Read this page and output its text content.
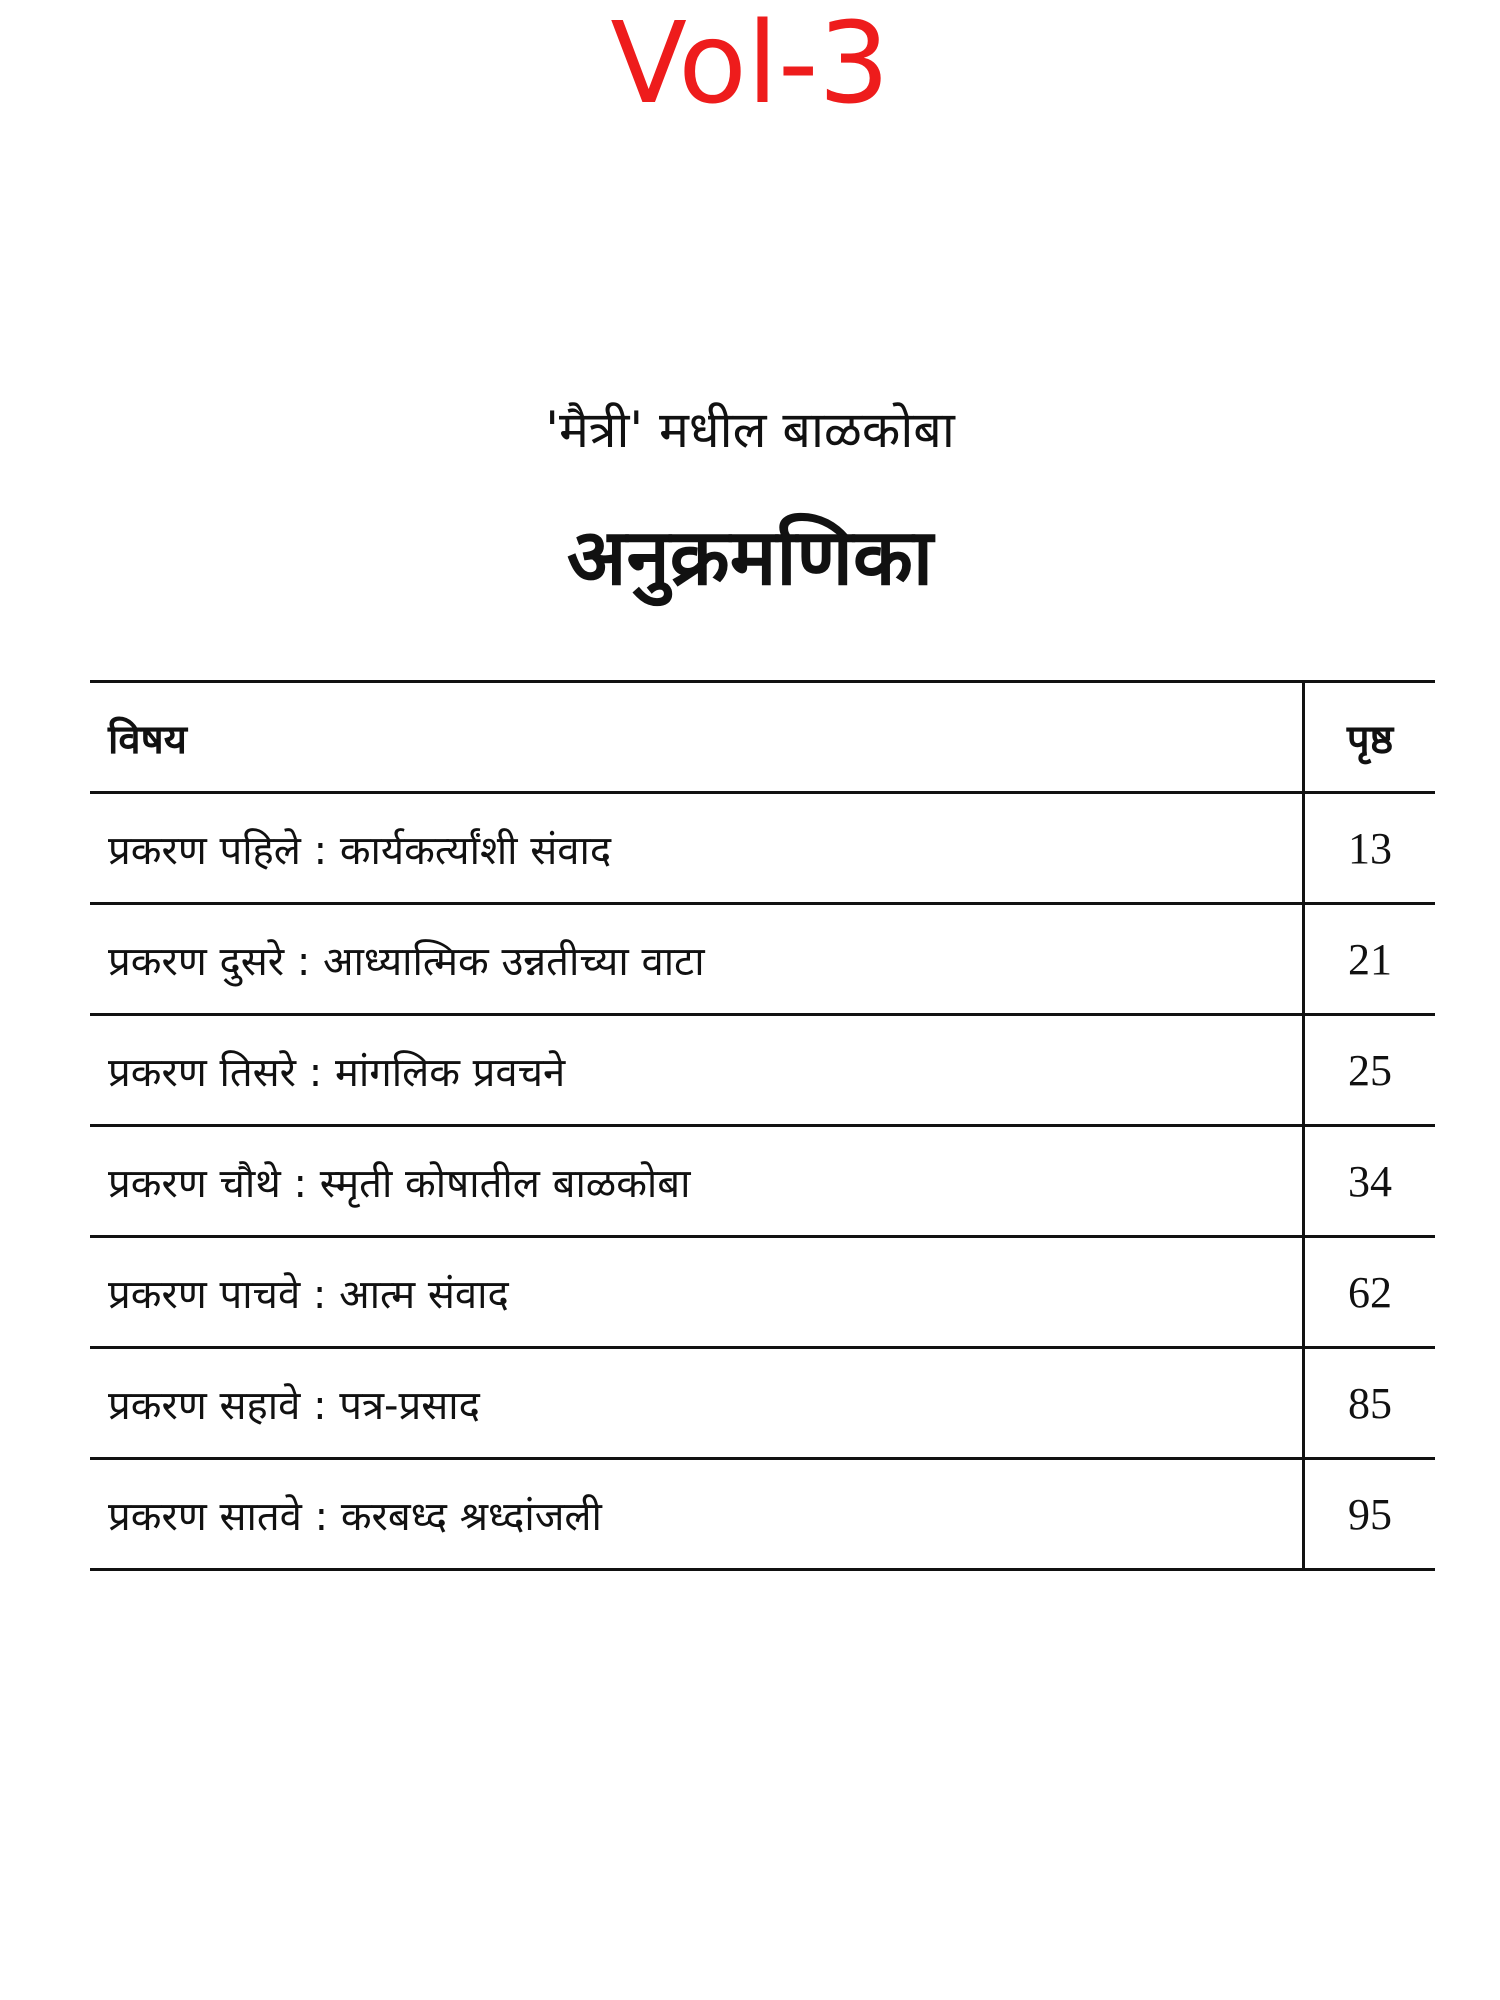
Vol-3
'मैत्री' मधील बाळकोबा
अनुक्रमणिका
विषय	पृष्ठ
प्रकरण पहिले : कार्यकर्त्यांशी संवाद	13
प्रकरण दुसरे : आध्यात्मिक उन्नतीच्या वाटा	21
प्रकरण तिसरे : मांगलिक प्रवचने	25
प्रकरण चौथे : स्मृती कोषातील बाळकोबा	34
प्रकरण पाचवे : आत्म संवाद	62
प्रकरण सहावे : पत्र-प्रसाद	85
प्रकरण सातवे : करबध्द श्रध्दांजली	95
